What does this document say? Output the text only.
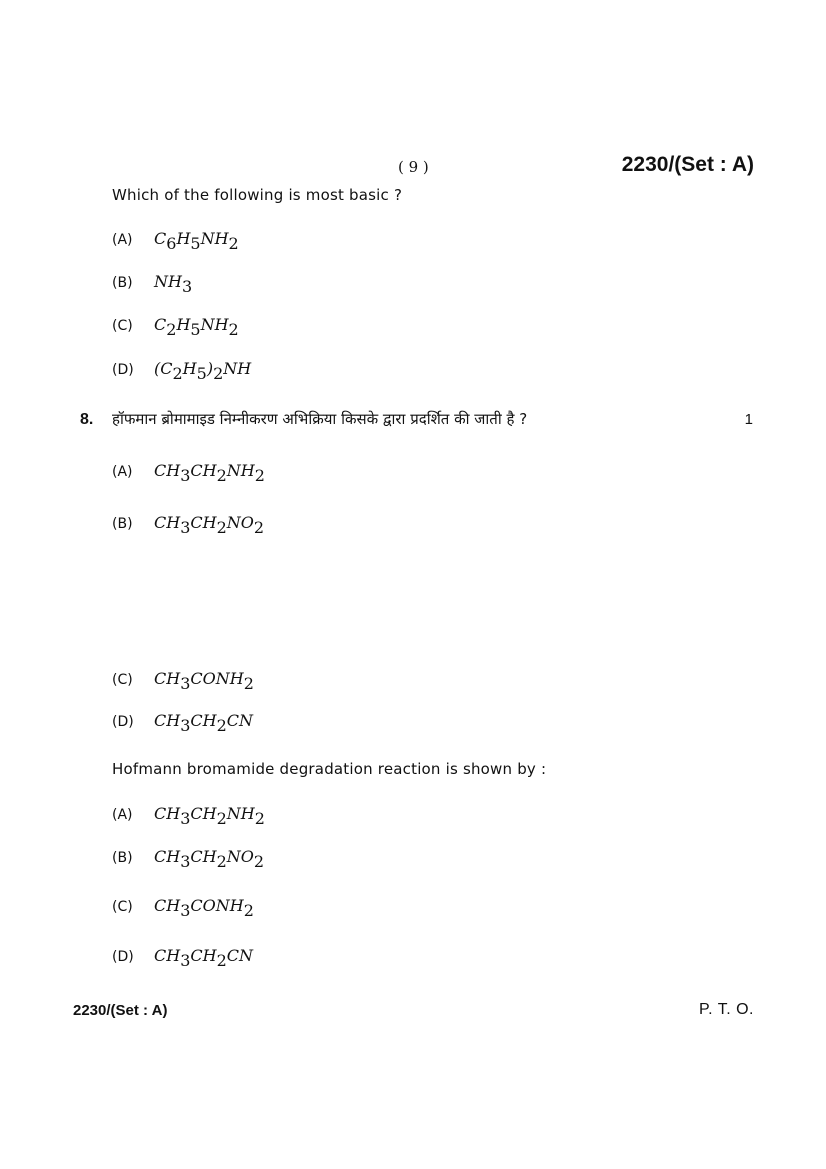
( 9 )	2230/(Set : A)
Which of the following is most basic ?
(A)	C6H5NH2
(B)	NH3
(C)	C2H5NH2
(D)	(C2H5)2NH
8. हॉफमान ब्रोमामाइड निम्नीकरण अभिक्रिया किसके द्वारा प्रदर्शित की जाती है ?	1
(A)	CH3CH2NH2
(B)	CH3CH2NO2
(C)	CH3CONH2
(D)	CH3CH2CN
Hofmann bromamide degradation reaction is shown by :
(A)	CH3CH2NH2
(B)	CH3CH2NO2
(C)	CH3CONH2
(D)	CH3CH2CN
2230/(Set : A)	P. T. O.
